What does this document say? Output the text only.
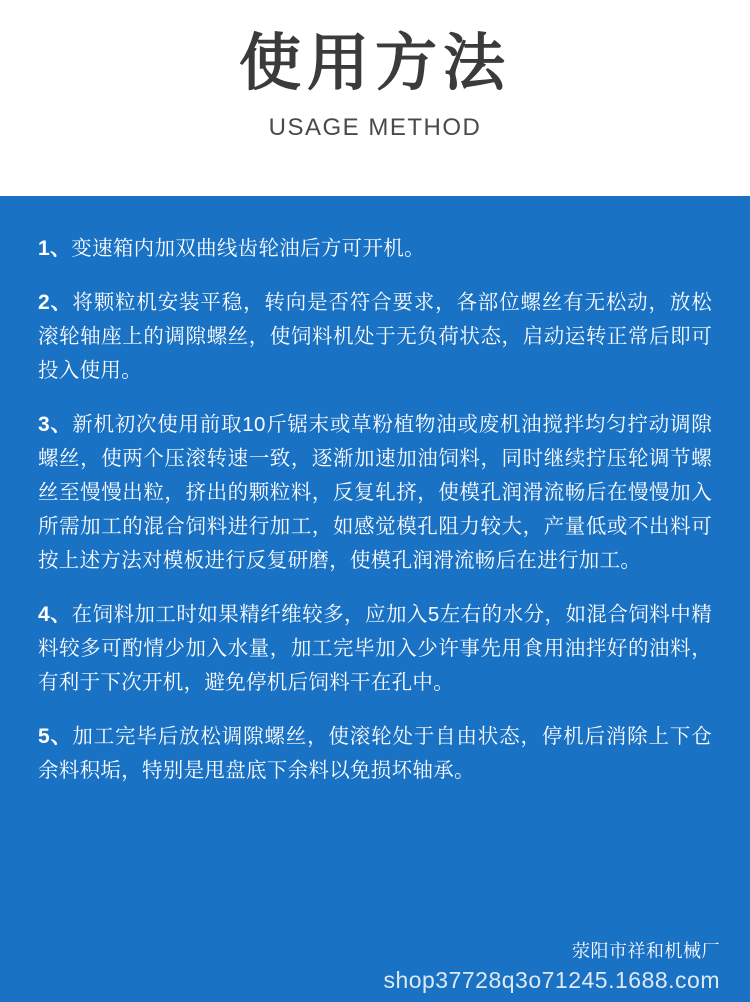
使用方法
USAGE METHOD

1、变速箱内加双曲线齿轮油后方可开机。

2、将颗粒机安装平稳，转向是否符合要求，各部位螺丝有无松动，放松滚轮轴座上的调隙螺丝，使饲料机处于无负荷状态，启动运转正常后即可投入使用。

3、新机初次使用前取10斤锯末或草粉植物油或废机油搅拌均匀拧动调隙螺丝，使两个压滚转速一致，逐渐加速加油饲料，同时继续拧压轮调节螺丝至慢慢出粒，挤出的颗粒料，反复轧挤，使模孔润滑流畅后在慢慢加入所需加工的混合饲料进行加工，如感觉模孔阻力较大，产量低或不出料可按上述方法对模板进行反复研磨，使模孔润滑流畅后在进行加工。

4、在饲料加工时如果精纤维较多，应加入5左右的水分，如混合饲料中精料较多可酌情少加入水量，加工完毕加入少许事先用食用油拌好的油料，有利于下次开机，避免停机后饲料干在孔中。

5、加工完毕后放松调隙螺丝，使滚轮处于自由状态，停机后消除上下仓余料积垢，特别是甩盘底下余料以免损坏轴承。

荥阳市祥和机械厂
shop37728q3o71245.1688.com
